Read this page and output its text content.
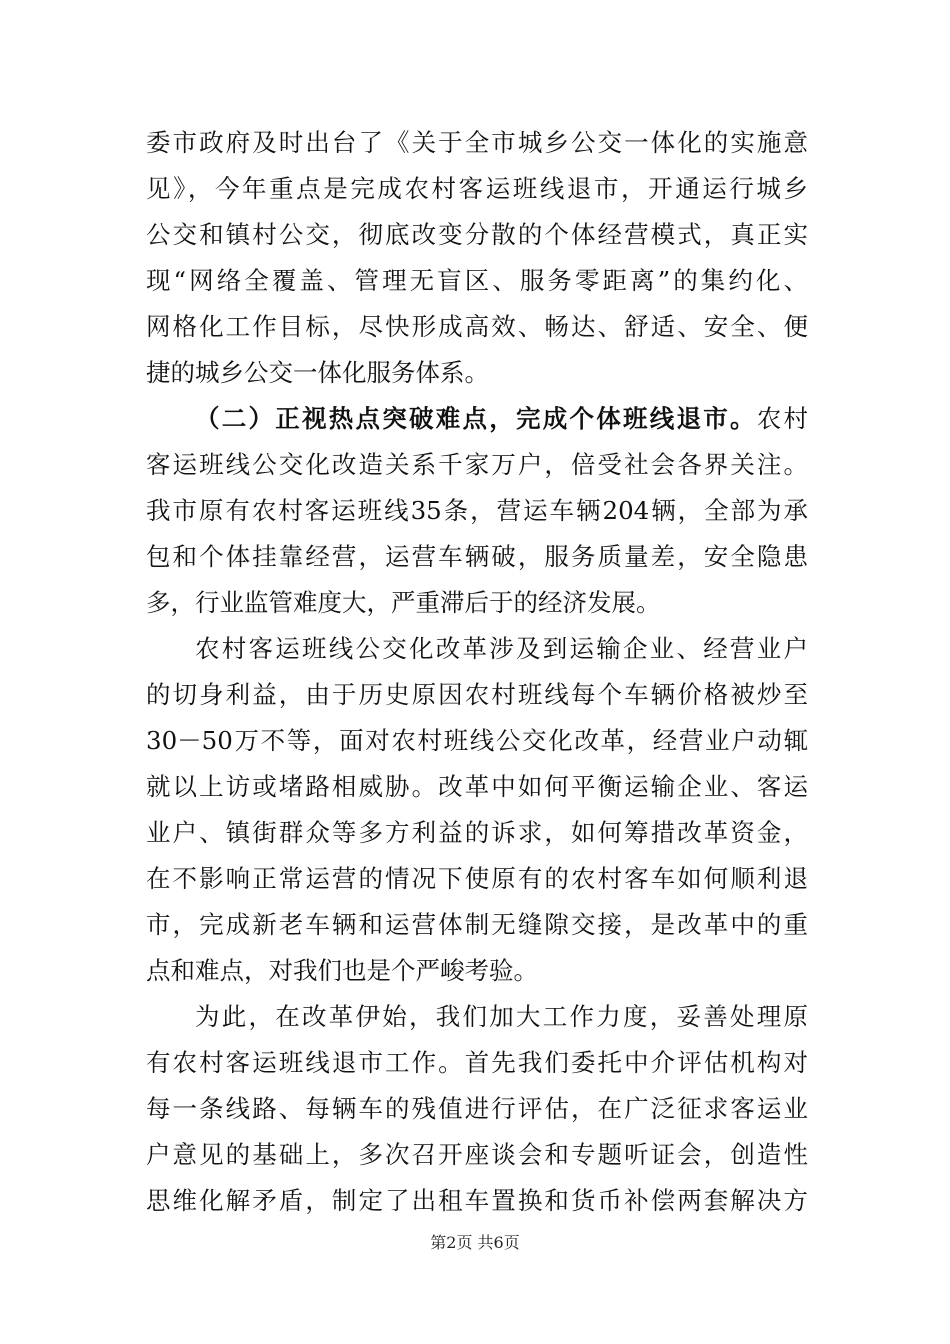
委市政府及时出台了《关于全市城乡公交一体化的实施意
见》，今年重点是完成农村客运班线退市，开通运行城乡
公交和镇村公交，彻底改变分散的个体经营模式，真正实
现“网络全覆盖、管理无盲区、服务零距离”的集约化、
网格化工作目标，尽快形成高效、畅达、舒适、安全、便
捷的城乡公交一体化服务体系。
（二）正视热点突破难点，完成个体班线退市。农村
客运班线公交化改造关系千家万户，倍受社会各界关注。
我市原有农村客运班线35条，营运车辆204辆，全部为承
包和个体挂靠经营，运营车辆破，服务质量差，安全隐患
多，行业监管难度大，严重滞后于的经济发展。
农村客运班线公交化改革涉及到运输企业、经营业户
的切身利益，由于历史原因农村班线每个车辆价格被炒至
30－50万不等，面对农村班线公交化改革，经营业户动辄
就以上访或堵路相威胁。改革中如何平衡运输企业、客运
业户、镇街群众等多方利益的诉求，如何筹措改革资金，
在不影响正常运营的情况下使原有的农村客车如何顺利退
市，完成新老车辆和运营体制无缝隙交接，是改革中的重
点和难点，对我们也是个严峻考验。
为此，在改革伊始，我们加大工作力度，妥善处理原
有农村客运班线退市工作。首先我们委托中介评估机构对
每一条线路、每辆车的残值进行评估，在广泛征求客运业
户意见的基础上，多次召开座谈会和专题听证会，创造性
思维化解矛盾，制定了出租车置换和货币补偿两套解决方
第2页 共6页
